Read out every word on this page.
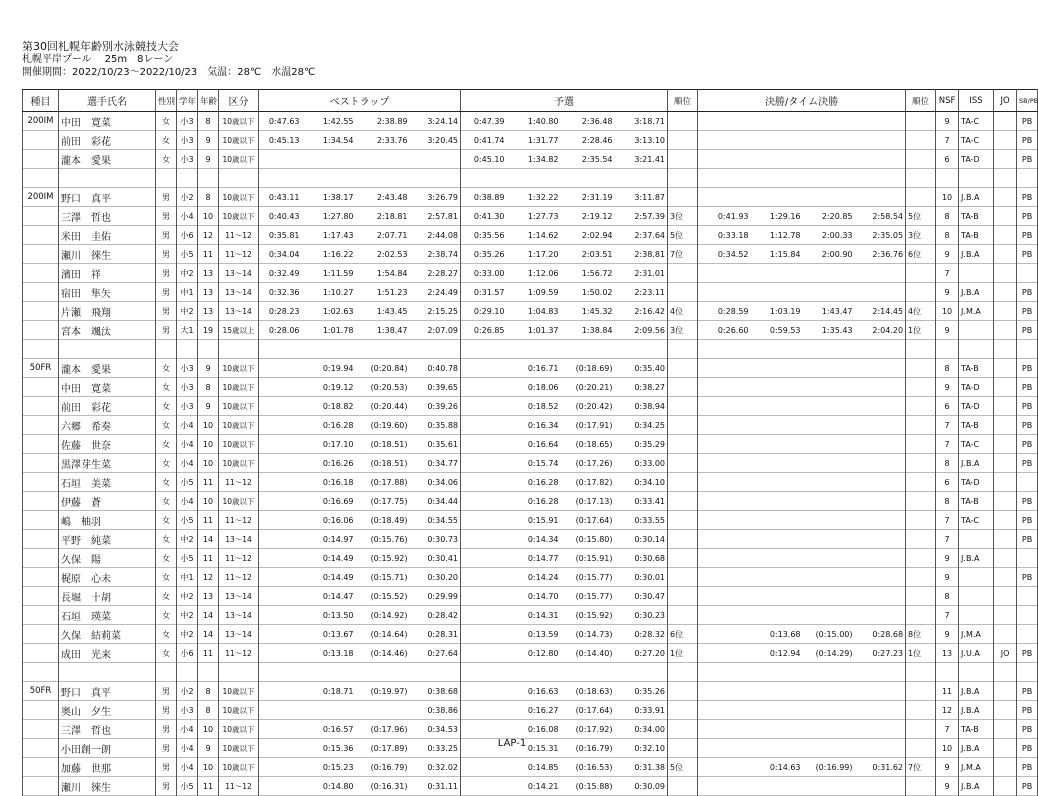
第30回札幌年齢別水泳競技大会
札幌平岸プール　 25m　8レーン
開催期間：2022/10/23～2022/10/23　気温：28℃　水温28℃
種目	選手氏名	性別	学年	年齢	区分	ベストラップ				予選				順位	決勝/タイム決勝				順位	NSF	ISS	JO	SB/PB
200IM	中田　寛菜	女	小3	8	10歳以下	0:47.63	1:42.55	2:38.89	3:24.14	0:47.39	1:40.80	2:36.48	3:18.71							9	TA-C		PB
	前田　彩花	女	小3	9	10歳以下	0:45.13	1:34.54	2:33.76	3:20.45	0:41.74	1:31.77	2:28.46	3:13.10							7	TA-C		PB
	瀧本　愛果	女	小3	9	10歳以下					0:45.10	1:34.82	2:35.54	3:21.41							6	TA-D		PB

200IM	野口　真平	男	小2	8	10歳以下	0:43.11	1:38.17	2:43.48	3:26.79	0:38.89	1:32.22	2:31.19	3:11.87							10	J.B.A		PB
	三澤　哲也	男	小4	10	10歳以下	0:40.43	1:27.80	2:18.81	2:57.81	0:41.30	1:27.73	2:19.12	2:57.39	3位	0:41.93	1:29.16	2:20.85	2:58.54	5位	8	TA-B		PB
	米田　圭佑	男	小6	12	11～12	0:35.81	1:17.43	2:07.71	2:44.08	0:35.56	1:14.62	2:02.94	2:37.64	5位	0:33.18	1:12.78	2:00.33	2:35.05	3位	8	TA-B		PB
	瀬川　徠生	男	小5	11	11～12	0:34.04	1:16.22	2:02.53	2:38.74	0:35.26	1:17.20	2:03.51	2:38.81	7位	0:34.52	1:15.84	2:00.90	2:36.76	6位	9	J.B.A		PB
	濱田　祥	男	中2	13	13～14	0:32.49	1:11.59	1:54.84	2:28.27	0:33.00	1:12.06	1:56.72	2:31.01							7			
	宿田　隼矢	男	中1	13	13～14	0:32.36	1:10.27	1:51.23	2:24.49	0:31.57	1:09.59	1:50.02	2:23.11							9	J.B.A		PB
	片瀬　飛翔	男	中2	13	13～14	0:28.23	1:02.63	1:43.45	2:15.25	0:29.10	1:04.83	1:45.32	2:16.42	4位	0:28.59	1:03.19	1:43.47	2:14.45	4位	10	J.M.A		PB
	宮本　颯汰	男	大1	19	15歳以上	0:28.06	1:01.78	1:38.47	2:07.09	0:26.85	1:01.37	1:38.84	2:09.56	3位	0:26.60	0:59.53	1:35.43	2:04.20	1位	9			PB

50FR	瀧本　愛果	女	小3	9	10歳以下		0:19.94	(0:20.84)	0:40.78		0:16.71	(0:18.69)	0:35.40							8	TA-B		PB
	中田　寛菜	女	小3	8	10歳以下		0:19.12	(0:20.53)	0:39.65		0:18.06	(0:20.21)	0:38.27							9	TA-D		PB
	前田　彩花	女	小3	9	10歳以下		0:18.82	(0:20.44)	0:39.26		0:18.52	(0:20.42)	0:38.94							6	TA-D		PB
	六郷　希奏	女	小4	10	10歳以下		0:16.28	(0:19.60)	0:35.88		0:16.34	(0:17.91)	0:34.25							7	TA-B		PB
	佐藤　世奈	女	小4	10	10歳以下		0:17.10	(0:18.51)	0:35.61		0:16.64	(0:18.65)	0:35.29							7	TA-C		PB
	黒澤芽生菜	女	小4	10	10歳以下		0:16.26	(0:18.51)	0:34.77		0:15.74	(0:17.26)	0:33.00							8	J.B.A		PB
	石垣　美菜	女	小5	11	11～12		0:16.18	(0:17.88)	0:34.06		0:16.28	(0:17.82)	0:34.10							6	TA-D		
	伊藤　蒼	女	小4	10	10歳以下		0:16.69	(0:17.75)	0:34.44		0:16.28	(0:17.13)	0:33.41							8	TA-B		PB
	嶋　柚羽	女	小5	11	11～12		0:16.06	(0:18.49)	0:34.55		0:15.91	(0:17.64)	0:33.55							7	TA-C		PB
	平野　純菜	女	中2	14	13～14		0:14.97	(0:15.76)	0:30.73		0:14.34	(0:15.80)	0:30.14							7			PB
	久保　陽	女	小5	11	11～12		0:14.49	(0:15.92)	0:30.41		0:14.77	(0:15.91)	0:30.68							9	J.B.A		
	梶原　心未	女	中1	12	11～12		0:14.49	(0:15.71)	0:30.20		0:14.24	(0:15.77)	0:30.01							9			PB
	長堀　十胡	女	中2	13	13～14		0:14.47	(0:15.52)	0:29.99		0:14.70	(0:15.77)	0:30.47							8			
	石垣　瑛菜	女	中2	14	13～14		0:13.50	(0:14.92)	0:28.42		0:14.31	(0:15.92)	0:30.23							7			
	久保　結莉菜	女	中2	14	13～14		0:13.67	(0:14.64)	0:28.31		0:13.59	(0:14.73)	0:28.32	6位		0:13.68	(0:15.00)	0:28.68	8位	9	J.M.A		
	成田　光来	女	小6	11	11～12		0:13.18	(0:14.46)	0:27.64		0:12.80	(0:14.40)	0:27.20	1位		0:12.94	(0:14.29)	0:27.23	1位	13	J.U.A	JO	PB

50FR	野口　真平	男	小2	8	10歳以下		0:18.71	(0:19.97)	0:38.68		0:16.63	(0:18.63)	0:35.26							11	J.B.A		PB
	奥山　夕生	男	小3	8	10歳以下				0:38.86		0:16.27	(0:17.64)	0:33.91							12	J.B.A		PB
	三澤　哲也	男	小4	10	10歳以下		0:16.57	(0:17.96)	0:34.53		0:16.08	(0:17.92)	0:34.00							7	TA-B		PB
	小田創一朗	男	小4	9	10歳以下		0:15.36	(0:17.89)	0:33.25		0:15.31	(0:16.79)	0:32.10							10	J.B.A		PB
	加藤　世那	男	小4	10	10歳以下		0:15.23	(0:16.79)	0:32.02		0:14.85	(0:16.53)	0:31.38	5位		0:14.63	(0:16.99)	0:31.62	7位	9	J.M.A		PB
	瀬川　徠生	男	小5	11	11～12		0:14.80	(0:16.31)	0:31.11		0:14.21	(0:15.88)	0:30.09							9	J.B.A		PB
LAP-1
